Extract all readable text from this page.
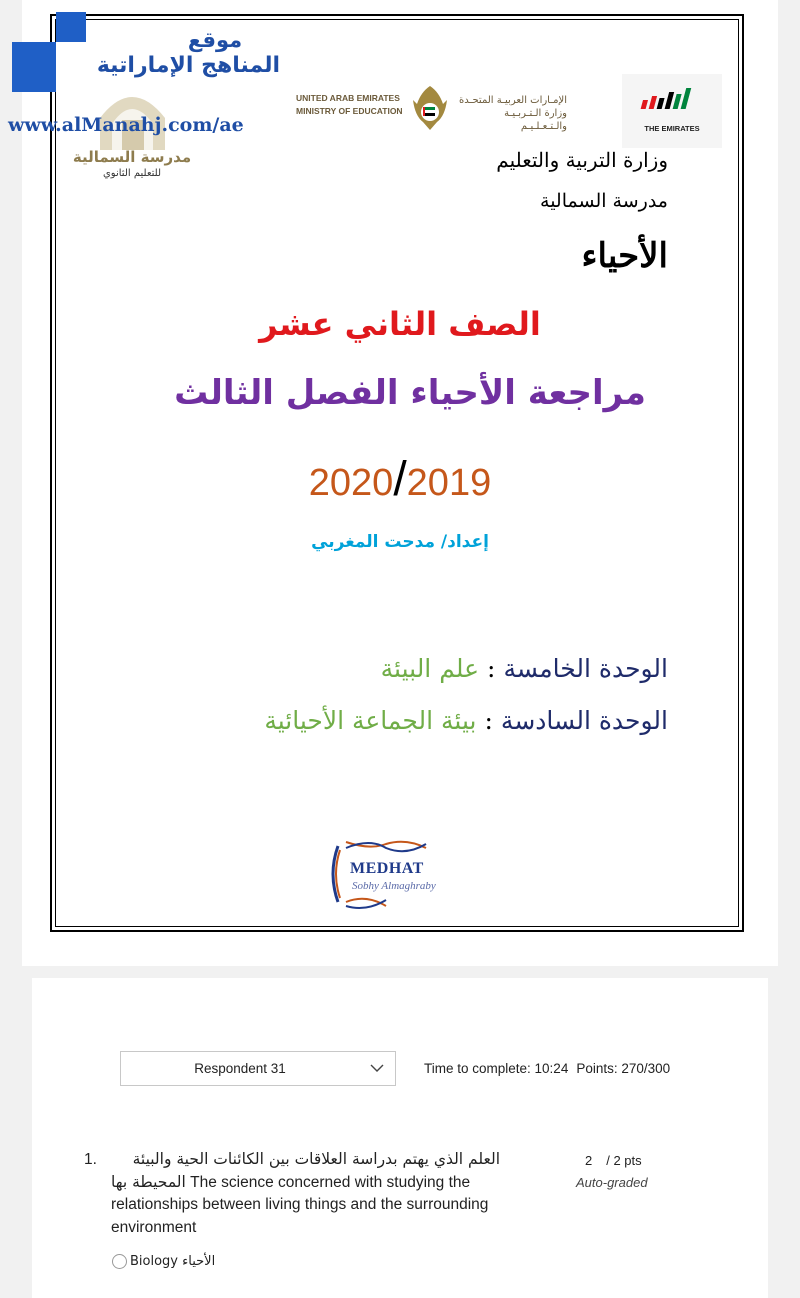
مدرسة السمالية
للتعليم الثانوي
موقع
المناهج الإماراتية
www.alManahj.com/ae
UNITED ARAB EMIRATES
MINISTRY OF EDUCATION
الإمـارات العربيـة المتحـدة
وزارة الـتـربـيـة والـتـعـلـيـم	THE EMIRATES
وزارة التربية والتعليم
مدرسة السمالية
الأحياء
الصف الثاني عشر
مراجعة الأحياء الفصل الثالث
2020/2019
إعداد/ مدحت المغربي
الوحدة الخامسة:علم البيئة
الوحدة السادسة:بيئة الجماعة الأحيائية
MEDHAT
Sobhy Almaghraby
Respondent 31	Time to complete: 10:24 Points: 270/300
1. العلم الذي يهتم بدراسة العلاقات بين الكائنات الحية والبيئة
المحيطة بها The science concerned with studying the
relationships between living things and the surrounding
environment
2 / 2 pts
Auto-graded
Biology الأحياء
